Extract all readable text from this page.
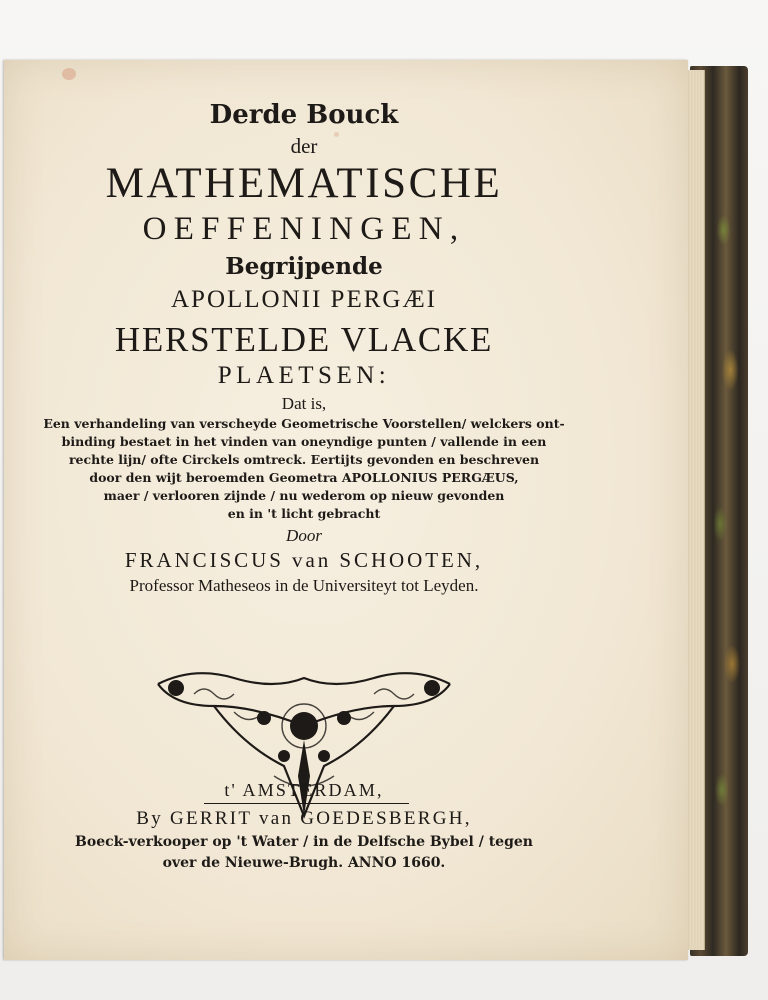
Derde Bouck
der
MATHEMATISCHE
OEFFENINGEN,
Begrijpende
APOLLONII PERGÆI
HERSTELDE VLACKE
PLAETSEN:
Dat is,
Een verhandeling van verscheyde Geometrische Voorstellen/ welckers ont-
binding bestaet in het vinden van oneyndige punten / vallende in een
rechte lijn/ ofte Circkels omtreck. Eertijts gevonden en beschreven
door den wijt beroemden Geometra APOLLONIUS PERGÆUS,
maer / verlooren zijnde / nu wederom op nieuw gevonden
en in 't licht gebracht
Door
FRANCISCUS van SCHOOTEN,
Professor Matheseos in de Universiteyt tot Leyden.
t' AMSTERDAM,
By GERRIT van GOEDESBERGH,
Boeck-verkooper op 't Water / in de Delfsche Bybel / tegen
over de Nieuwe-Brugh. ANNO 1660.
